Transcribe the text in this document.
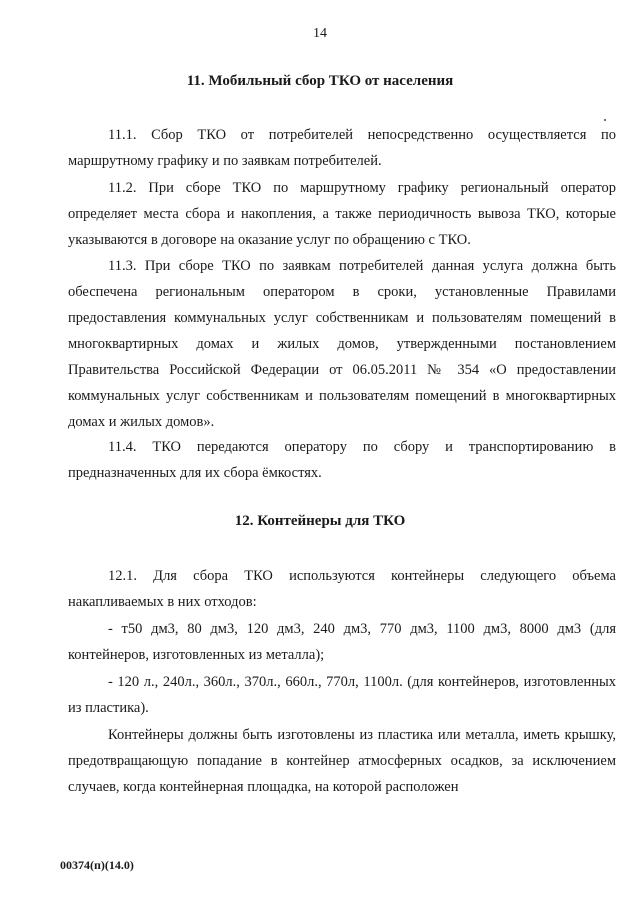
14
11. Мобильный сбор ТКО от населения

11.1. Сбор ТКО от потребителей непосредственно осуществляется по маршрутному графику и по заявкам потребителей.

11.2. При сборе ТКО по маршрутному графику региональный оператор определяет места сбора и накопления, а также периодичность вывоза ТКО, которые указываются в договоре на оказание услуг по обращению с ТКО.

11.3. При сборе ТКО по заявкам потребителей данная услуга должна быть обеспечена региональным оператором в сроки, установленные Правилами предоставления коммунальных услуг собственникам и пользователям помещений в многоквартирных домах и жилых домов, утвержденными постановлением Правительства Российской Федерации от 06.05.2011 № 354 «О предоставлении коммунальных услуг собственникам и пользователям помещений в многоквартирных домах и жилых домов».

11.4. ТКО передаются оператору по сбору и транспортированию в предназначенных для их сбора ёмкостях.

12. Контейнеры для ТКО

12.1. Для сбора ТКО используются контейнеры следующего объема накапливаемых в них отходов:

- т50 дм3, 80 дм3, 120 дм3, 240 дм3, 770 дм3, 1100 дм3, 8000 дм3 (для контейнеров, изготовленных из металла);

- 120 л., 240л., 360л., 370л., 660л., 770л, 1100л. (для контейнеров, изготовленных из пластика).

Контейнеры должны быть изготовлены из пластика или металла, иметь крышку, предотвращающую попадание в контейнер атмосферных осадков, за исключением случаев, когда контейнерная площадка, на которой расположен

00374(п)(14.0)
